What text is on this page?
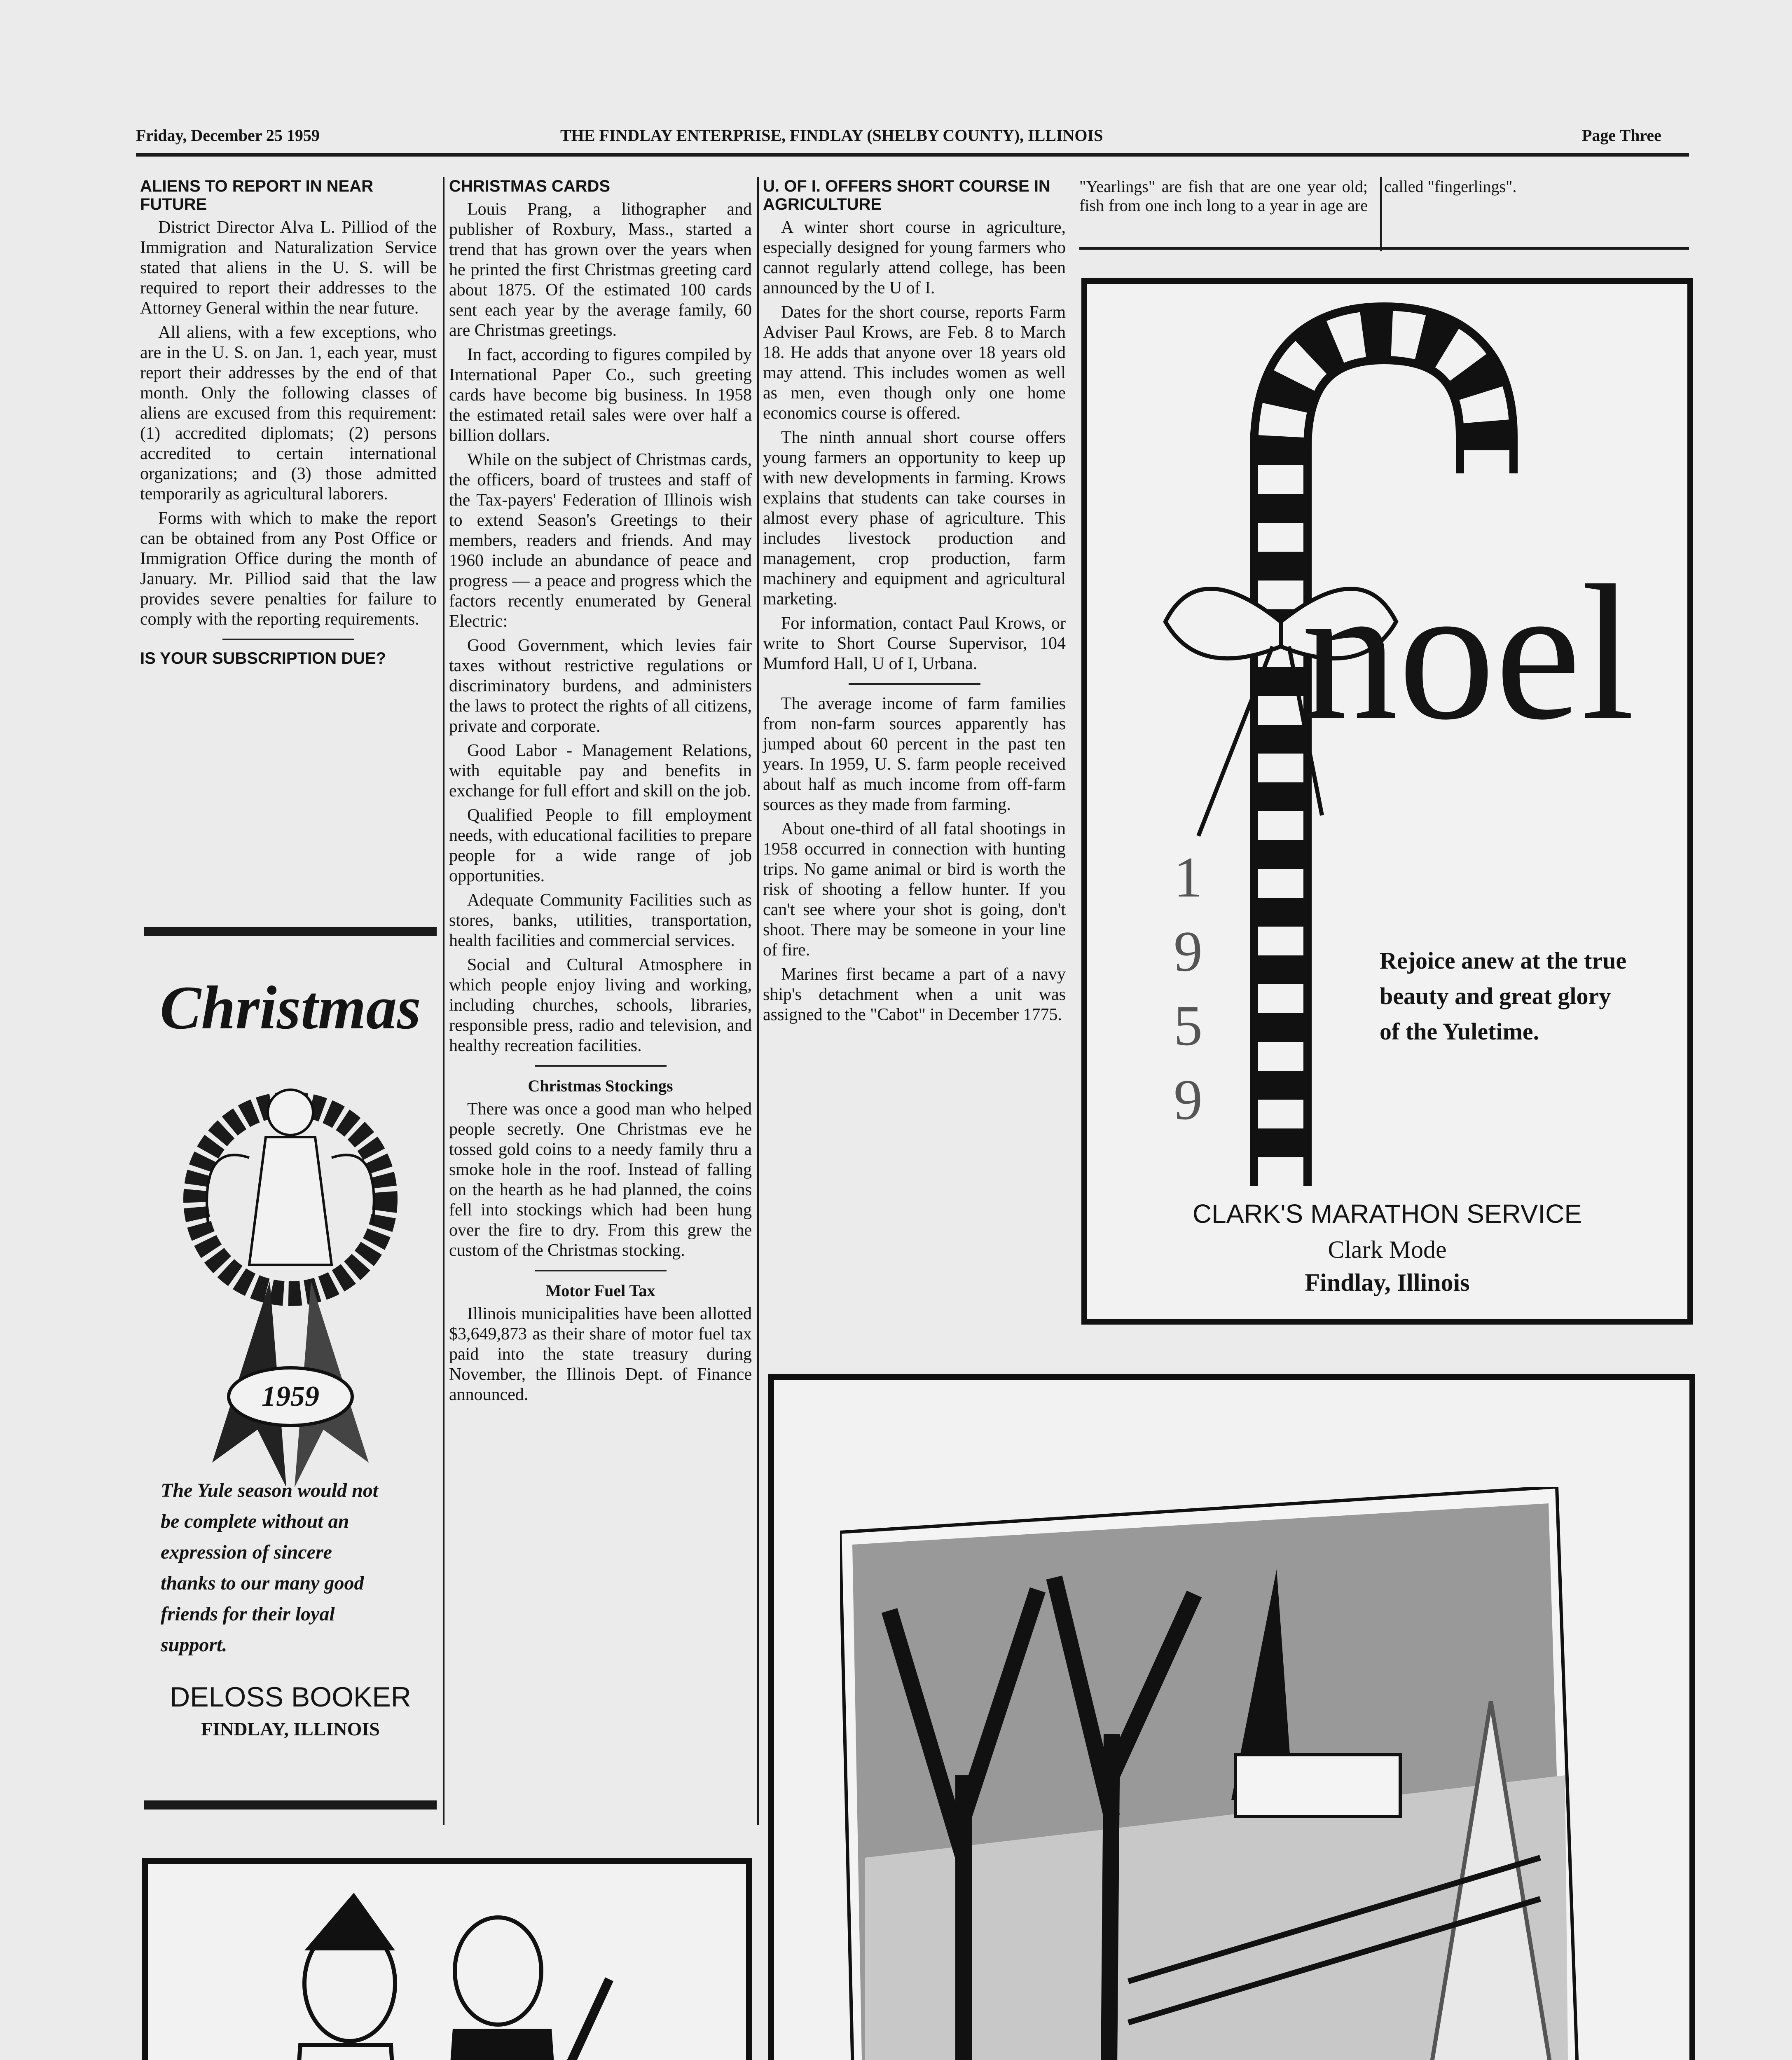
Friday, December 25 1959	THE FINDLAY ENTERPRISE, FINDLAY (SHELBY COUNTY), ILLINOIS	Page Three
ALIENS TO REPORT IN NEAR FUTURE

District Director Alva L. Pilliod of the Immigration and Naturalization Service stated that aliens in the U. S. will be required to report their addresses to the Attorney General within the near future.

All aliens, with a few exceptions, who are in the U. S. on Jan. 1, each year, must report their addresses by the end of that month. Only the following classes of aliens are excused from this requirement: (1) accredited diplomats; (2) persons accredited to certain international organizations; and (3) those admitted temporarily as agricultural laborers.

Forms with which to make the report can be obtained from any Post Office or Immigration Office during the month of January. Mr. Pilliod said that the law provides severe penalties for failure to comply with the reporting requirements.

IS YOUR SUBSCRIPTION DUE?
CHRISTMAS CARDS

Louis Prang, a lithographer and publisher of Roxbury, Mass., started a trend that has grown over the years when he printed the first Christmas greeting card about 1875. Of the estimated 100 cards sent each year by the average family, 60 are Christmas greetings.

In fact, according to figures compiled by International Paper Co., such greeting cards have become big business. In 1958 the estimated retail sales were over half a billion dollars.

While on the subject of Christmas cards, the officers, board of trustees and staff of the Tax-payers' Federation of Illinois wish to extend Season's Greetings to their members, readers and friends. And may 1960 include an abundance of peace and progress — a peace and progress which the factors recently enumerated by General Electric:

Good Government, which levies fair taxes without restrictive regulations or discriminatory burdens, and administers the laws to protect the rights of all citizens, private and corporate.

Good Labor - Management Relations, with equitable pay and benefits in exchange for full effort and skill on the job.

Qualified People to fill employment needs, with educational facilities to prepare people for a wide range of job opportunities.

Adequate Community Facilities such as stores, banks, utilities, transportation, health facilities and commercial services.

Social and Cultural Atmosphere in which people enjoy living and working, including churches, schools, libraries, responsible press, radio and television, and healthy recreation facilities.

Christmas Stockings

There was once a good man who helped people secretly. One Christmas eve he tossed gold coins to a needy family thru a smoke hole in the roof. Instead of falling on the hearth as he had planned, the coins fell into stockings which had been hung over the fire to dry. From this grew the custom of the Christmas stocking.

Motor Fuel Tax

Illinois municipalities have been allotted $3,649,873 as their share of motor fuel tax paid into the state treasury during November, the Illinois Dept. of Finance announced.

U. OF I. OFFERS SHORT COURSE IN AGRICULTURE

A winter short course in agriculture, especially designed for young farmers who cannot regularly attend college, has been announced by the U of I.

Dates for the short course, reports Farm Adviser Paul Krows, are Feb. 8 to March 18. He adds that anyone over 18 years old may attend. This includes women as well as men, even though only one home economics course is offered.

The ninth annual short course offers young farmers an opportunity to keep up with new developments in farming. Krows explains that students can take courses in almost every phase of agriculture. This includes livestock production and management, crop production, farm machinery and equipment and agricultural marketing.

For information, contact Paul Krows, or write to Short Course Supervisor, 104 Mumford Hall, U of I, Urbana.

The average income of farm families from non-farm sources apparently has jumped about 60 percent in the past ten years. In 1959, U. S. farm people received about half as much income from off-farm sources as they made from farming.

About one-third of all fatal shootings in 1958 occurred in connection with hunting trips. No game animal or bird is worth the risk of shooting a fellow hunter. If you can't see where your shot is going, don't shoot. There may be someone in your line of fire.

Marines first became a part of a navy ship's detachment when a unit was assigned to the "Cabot" in December 1775.

"Yearlings" are fish that are one year old; fish from one inch long to a year in age are called "fingerlings".
Christmas
1959
The Yule season would not be complete without an expression of sincere thanks to our many good friends for their loyal support.
DELOSS BOOKER
FINDLAY, ILLINOIS
noel
1
9
5
9
Rejoice anew at the true beauty and great glory of the Yuletime.
CLARK'S MARATHON SERVICE
Clark Mode
Findlay, Illinois
